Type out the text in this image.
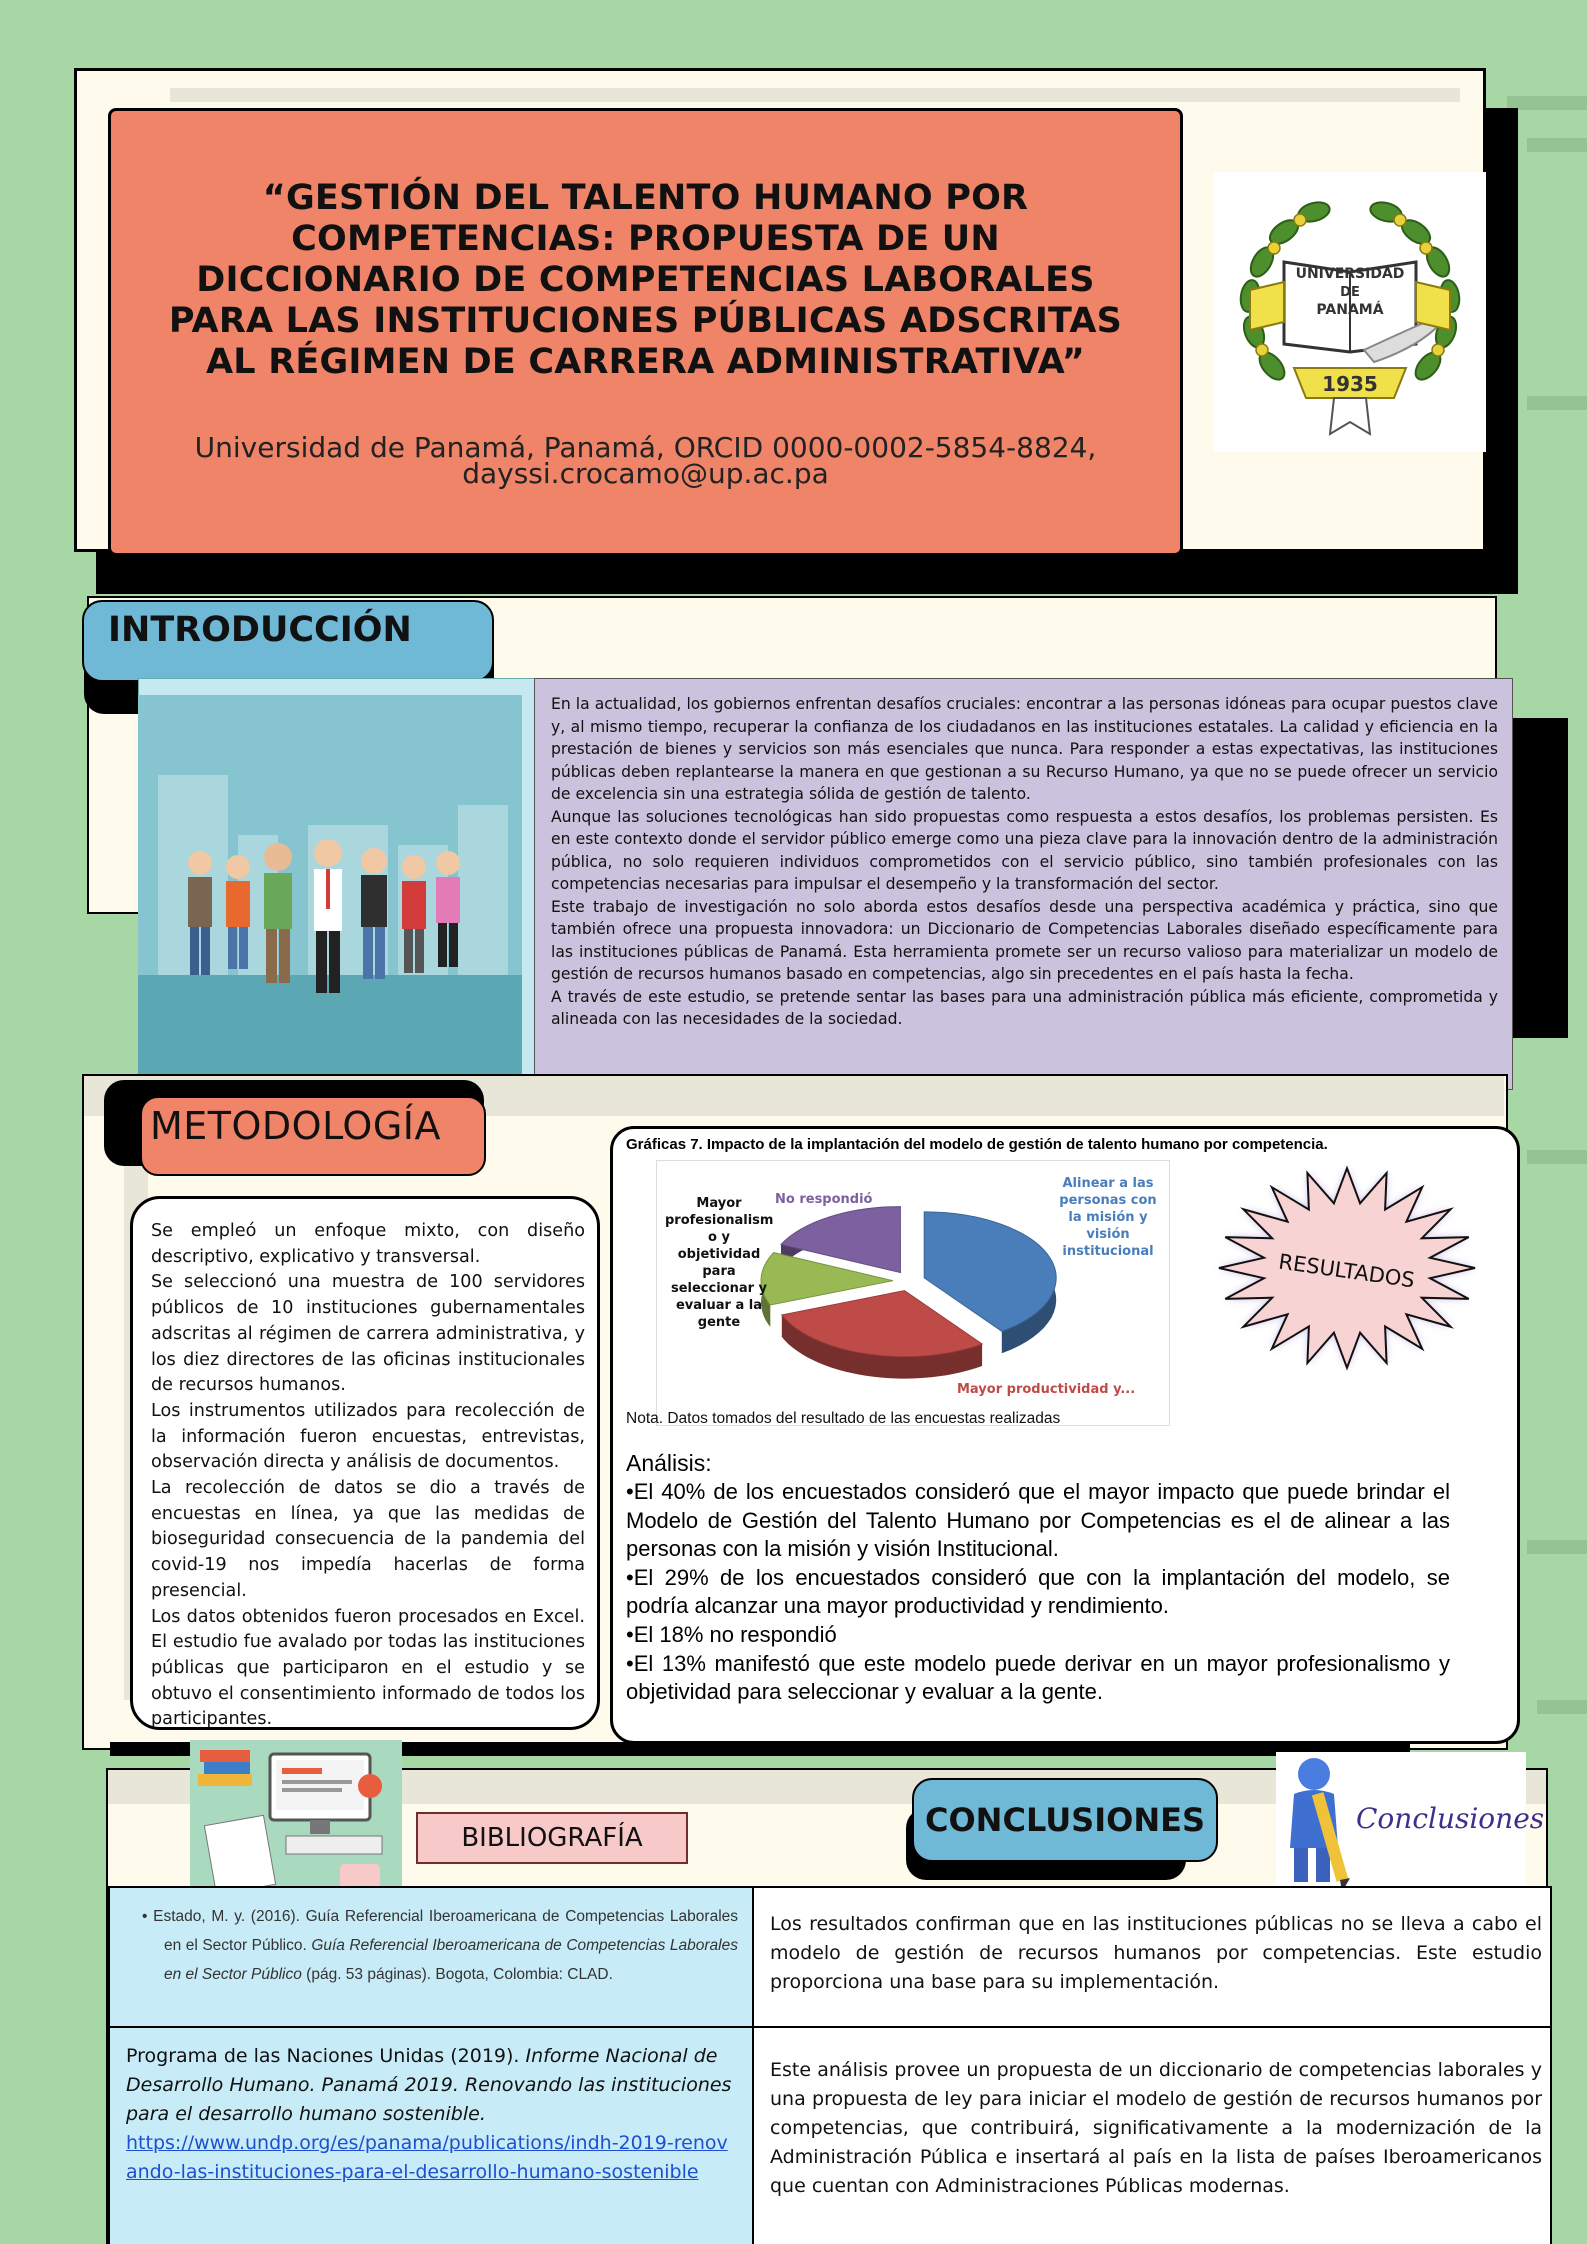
“GESTIÓN DEL TALENTO HUMANO POR
COMPETENCIAS: PROPUESTA DE UN
DICCIONARIO DE COMPETENCIAS LABORALES
PARA LAS INSTITUCIONES PÚBLICAS ADSCRITAS
AL RÉGIMEN DE CARRERA ADMINISTRATIVA”
Universidad de Panamá, Panamá, ORCID 0000-0002-5854-8824,
dayssi.crocamo@up.ac.pa
UNIVERSIDAD
DE
PANAMÁ
1935
INTRODUCCIÓN
En la actualidad, los gobiernos enfrentan desafíos cruciales: encontrar a las personas idóneas para ocupar puestos clave y, al mismo tiempo, recuperar la confianza de los ciudadanos en las instituciones estatales. La calidad y eficiencia en la prestación de bienes y servicios son más esenciales que nunca. Para responder a estas expectativas, las instituciones públicas deben replantearse la manera en que gestionan a su Recurso Humano, ya que no se puede ofrecer un servicio de excelencia sin una estrategia sólida de gestión de talento.
Aunque las soluciones tecnológicas han sido propuestas como respuesta a estos desafíos, los problemas persisten. Es en este contexto donde el servidor público emerge como una pieza clave para la innovación dentro de la administración pública, no solo requieren individuos comprometidos con el servicio público, sino también profesionales con las competencias necesarias para impulsar el desempeño y la transformación del sector.
Este trabajo de investigación no solo aborda estos desafíos desde una perspectiva académica y práctica, sino que también ofrece una propuesta innovadora: un Diccionario de Competencias Laborales diseñado específicamente para las instituciones públicas de Panamá. Esta herramienta promete ser un recurso valioso para materializar un modelo de gestión de recursos humanos basado en competencias, algo sin precedentes en el país hasta la fecha.
A través de este estudio, se pretende sentar las bases para una administración pública más eficiente, comprometida y alineada con las necesidades de la sociedad.
METODOLOGÍA
Se empleó un enfoque mixto, con diseño descriptivo, explicativo y transversal.
Se seleccionó una muestra de 100 servidores públicos de 10 instituciones gubernamentales adscritas al régimen de carrera administrativa, y los diez directores de las oficinas institucionales de recursos humanos.
Los instrumentos utilizados para recolección de la información fueron encuestas, entrevistas, observación directa y análisis de documentos.
La recolección de datos se dio a través de encuestas en línea, ya que las medidas de bioseguridad consecuencia de la pandemia del covid-19 nos impedía hacerlas de forma presencial.
Los datos obtenidos fueron procesados en Excel. El estudio fue avalado por todas las instituciones públicas que participaron en el estudio y se obtuvo el consentimiento informado de todos los participantes.
Gráficas 7. Impacto de la implantación del modelo de gestión de talento humano por competencia.
Mayor
profesionalism
o y objetividad
para
seleccionar y
evaluar a la
gente
No respondió
Alinear a las
personas con
la misión y
visión
institucional
Mayor productividad y...
Nota. Datos tomados del resultado de las encuestas realizadas
RESULTADOS
Análisis:
•El 40% de los encuestados consideró que el mayor impacto que puede brindar el Modelo de Gestión del Talento Humano por Competencias es el de alinear a las personas con la misión y visión Institucional.
•El 29% de los encuestados consideró que con la implantación del modelo, se podría alcanzar una mayor productividad y rendimiento.
•El 18% no respondió
•El 13% manifestó que este modelo puede derivar en un mayor profesionalismo y objetividad para seleccionar y evaluar a la gente.
BIBLIOGRAFÍA	CONCLUSIONES	Conclusiones
• Estado, M. y. (2016). Guía Referencial Iberoamericana de Competencias Laborales en el Sector Público. Guía Referencial Iberoamericana de Competencias Laborales en el Sector Público (pág. 53 páginas). Bogota, Colombia: CLAD.
Los resultados confirman que en las instituciones públicas no se lleva a cabo el modelo de gestión de recursos humanos por competencias. Este estudio proporciona una base para su implementación.
Programa de las Naciones Unidas (2019). Informe Nacional de Desarrollo Humano. Panamá 2019. Renovando las instituciones para el desarrollo humano sostenible.
https://www.undp.org/es/panama/publications/indh-2019-renovando-las-instituciones-para-el-desarrollo-humano-sostenible
Este análisis provee un propuesta de un diccionario de competencias laborales y una propuesta de ley para iniciar el modelo de gestión de recursos humanos por competencias, que contribuirá, significativamente a la modernización de la Administración Pública e insertará al país en la lista de países Iberoamericanos que cuentan con Administraciones Públicas modernas.
